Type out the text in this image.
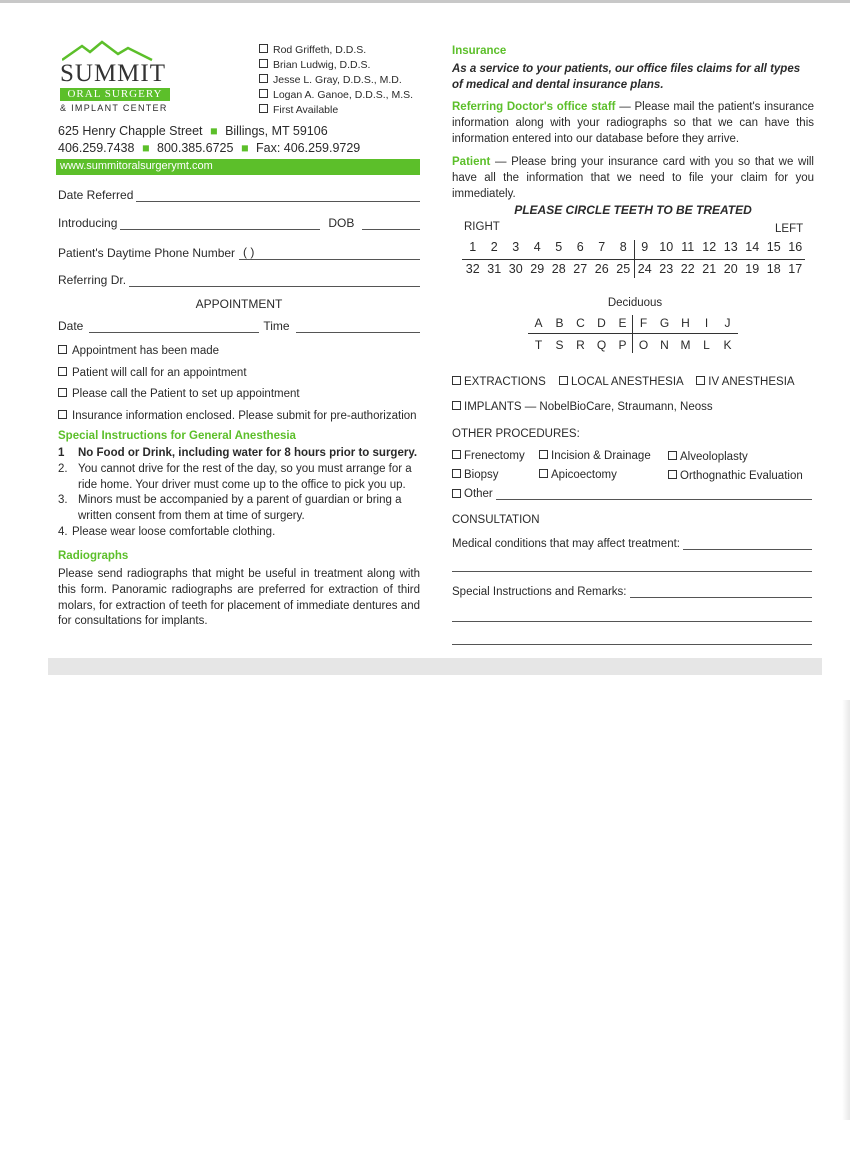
SUMMIT
ORAL SURGERY
& IMPLANT CENTER
Rod Griffeth, D.D.S.
Brian Ludwig, D.D.S.
Jesse L. Gray, D.D.S., M.D.
Logan A. Ganoe, D.D.S., M.S.
First Available
625 Henry Chapple Street ■ Billings, MT 59106
406.259.7438 ■ 800.385.6725 ■ Fax: 406.259.9729
www.summitoralsurgerymt.com
Date Referred
Introducing	DOB
Patient's Daytime Phone Number ( )
Referring Dr.
APPOINTMENT
Date	Time
Appointment has been made
Patient will call for an appointment
Please call the Patient to set up appointment
Insurance information enclosed. Please submit for pre-authorization
Special Instructions for General Anesthesia
1	No Food or Drink, including water for 8 hours prior to surgery.
2. You cannot drive for the rest of the day, so you must arrange for a ride home. Your driver must come up to the office to pick you up.
3. Minors must be accompanied by a parent of guardian or bring a written consent from them at time of surgery.
4. Please wear loose comfortable clothing.
Radiographs
Please send radiographs that might be useful in treatment along with this form. Panoramic radiographs are preferred for extraction of third molars, for extraction of teeth for placement of immediate dentures and for consultations for implants.
Insurance
As a service to your patients, our office files claims for all types of medical and dental insurance plans.
Referring Doctor's office staff — Please mail the patient's insurance information along with your radiographs so that we can have this information entered into our database before they arrive.
Patient — Please bring your insurance card with you so that we will have all the information that we need to file your claim for you immediately.
PLEASE CIRCLE TEETH TO BE TREATED
RIGHT	LEFT
1 2 3 4 5 6 7 8 9 10 11 12 13 14 15 16
32 31 30 29 28 27 26 25 24 23 22 21 20 19 18 17
Deciduous
A B C D E F G H I J
T S R Q P O N M L K
EXTRACTIONS LOCAL ANESTHESIA IV ANESTHESIA
IMPLANTS — NobelBioCare, Straumann, Neoss
OTHER PROCEDURES:
Frenectomy	Incision & Drainage	Alveoloplasty
Biopsy	Apicoectomy	Orthognathic Evaluation
Other
CONSULTATION
Medical conditions that may affect treatment:
Special Instructions and Remarks:
